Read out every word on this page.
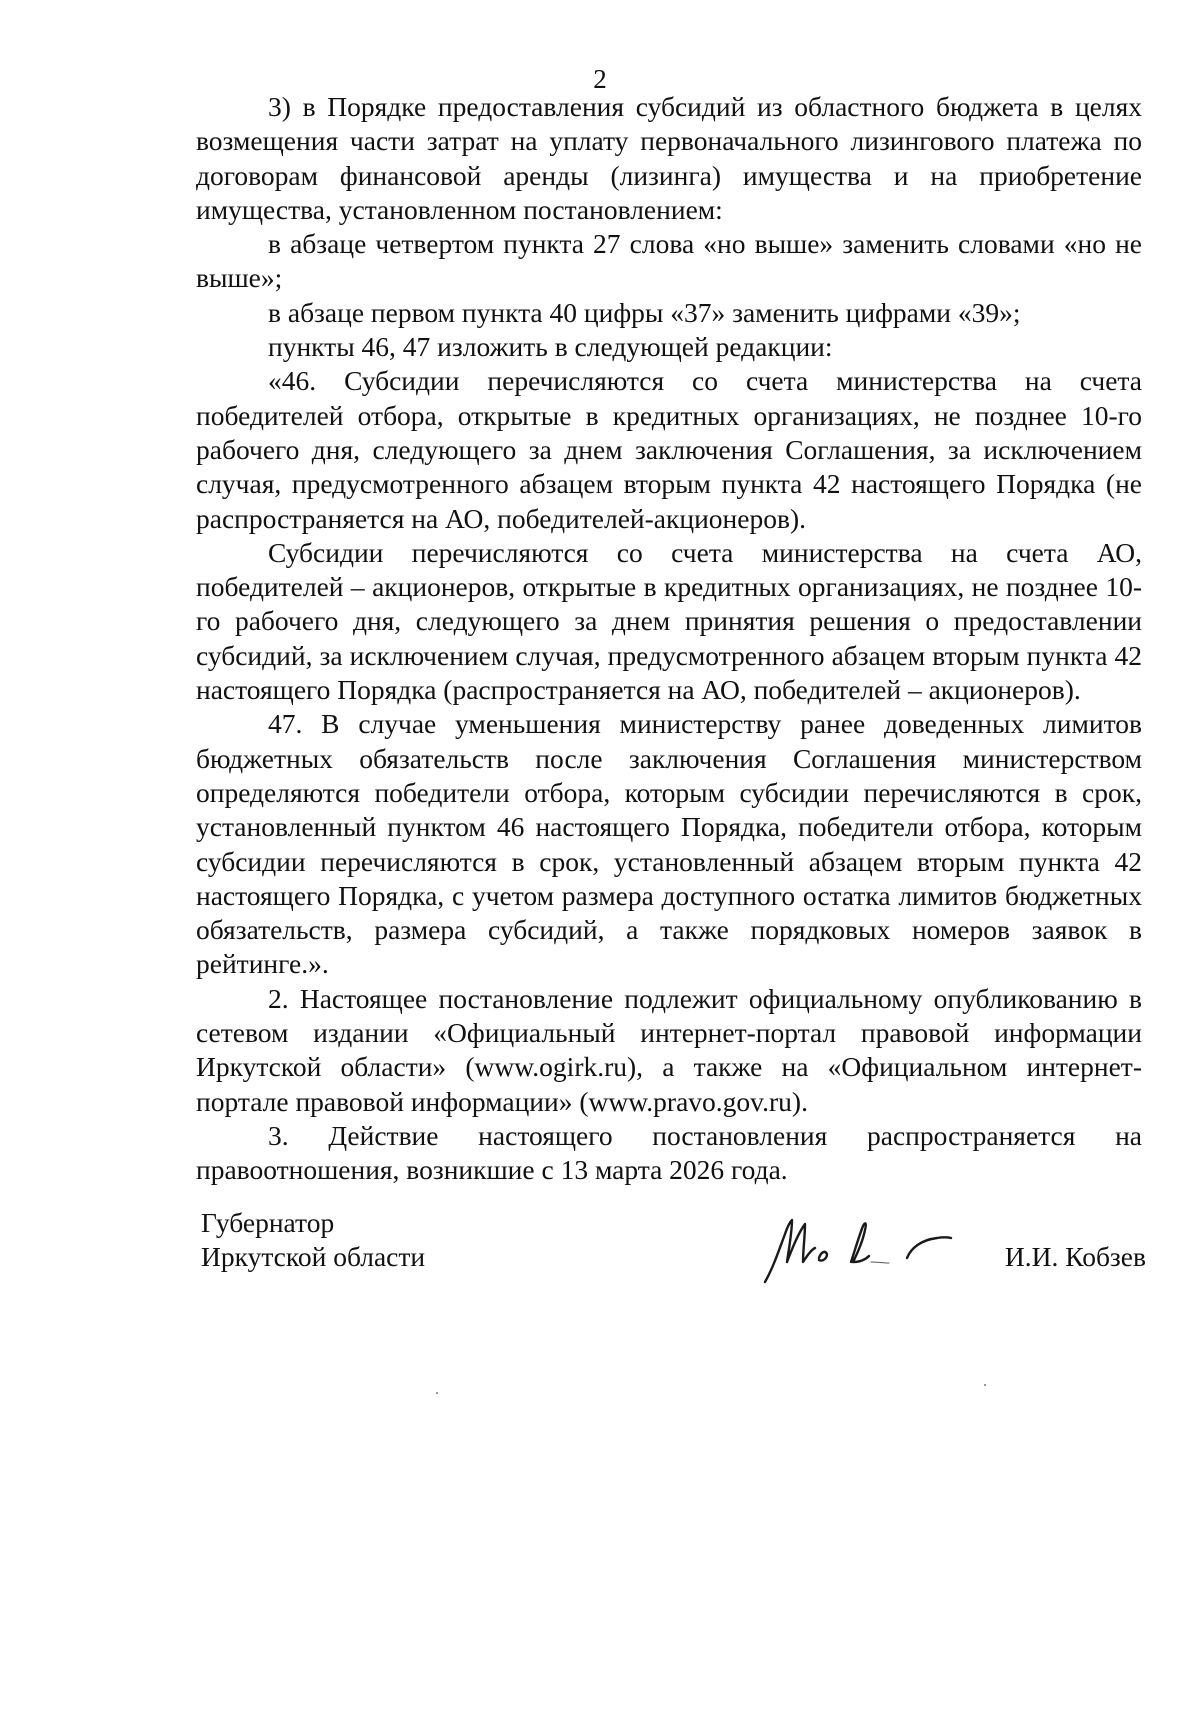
2

3) в Порядке предоставления субсидий из областного бюджета в целях возмещения части затрат на уплату первоначального лизингового платежа по договорам финансовой аренды (лизинга) имущества и на приобретение имущества, установленном постановлением:

в абзаце четвертом пункта 27 слова «но выше» заменить словами «но не выше»;

в абзаце первом пункта 40 цифры «37» заменить цифрами «39»;

пункты 46, 47 изложить в следующей редакции:

«46. Субсидии перечисляются со счета министерства на счета победителей отбора, открытые в кредитных организациях, не позднее 10-го рабочего дня, следующего за днем заключения Соглашения, за исключением случая, предусмотренного абзацем вторым пункта 42 настоящего Порядка (не распространяется на АО, победителей-акционеров).

Субсидии перечисляются со счета министерства на счета АО, победителей – акционеров, открытые в кредитных организациях, не позднее 10-го рабочего дня, следующего за днем принятия решения о предоставлении субсидий, за исключением случая, предусмотренного абзацем вторым пункта 42 настоящего Порядка (распространяется на АО, победителей – акционеров).

47. В случае уменьшения министерству ранее доведенных лимитов бюджетных обязательств после заключения Соглашения министерством определяются победители отбора, которым субсидии перечисляются в срок, установленный пунктом 46 настоящего Порядка, победители отбора, которым субсидии перечисляются в срок, установленный абзацем вторым пункта 42 настоящего Порядка, с учетом размера доступного остатка лимитов бюджетных обязательств, размера субсидий, а также порядковых номеров заявок в рейтинге.».

2. Настоящее постановление подлежит официальному опубликованию в сетевом издании «Официальный интернет-портал правовой информации Иркутской области» (www.ogirk.ru), а также на «Официальном интернет-портале правовой информации» (www.pravo.gov.ru).

3. Действие настоящего постановления распространяется на правоотношения, возникшие с 13 марта 2026 года.

Губернатор
Иркутской области	И.И. Кобзев
